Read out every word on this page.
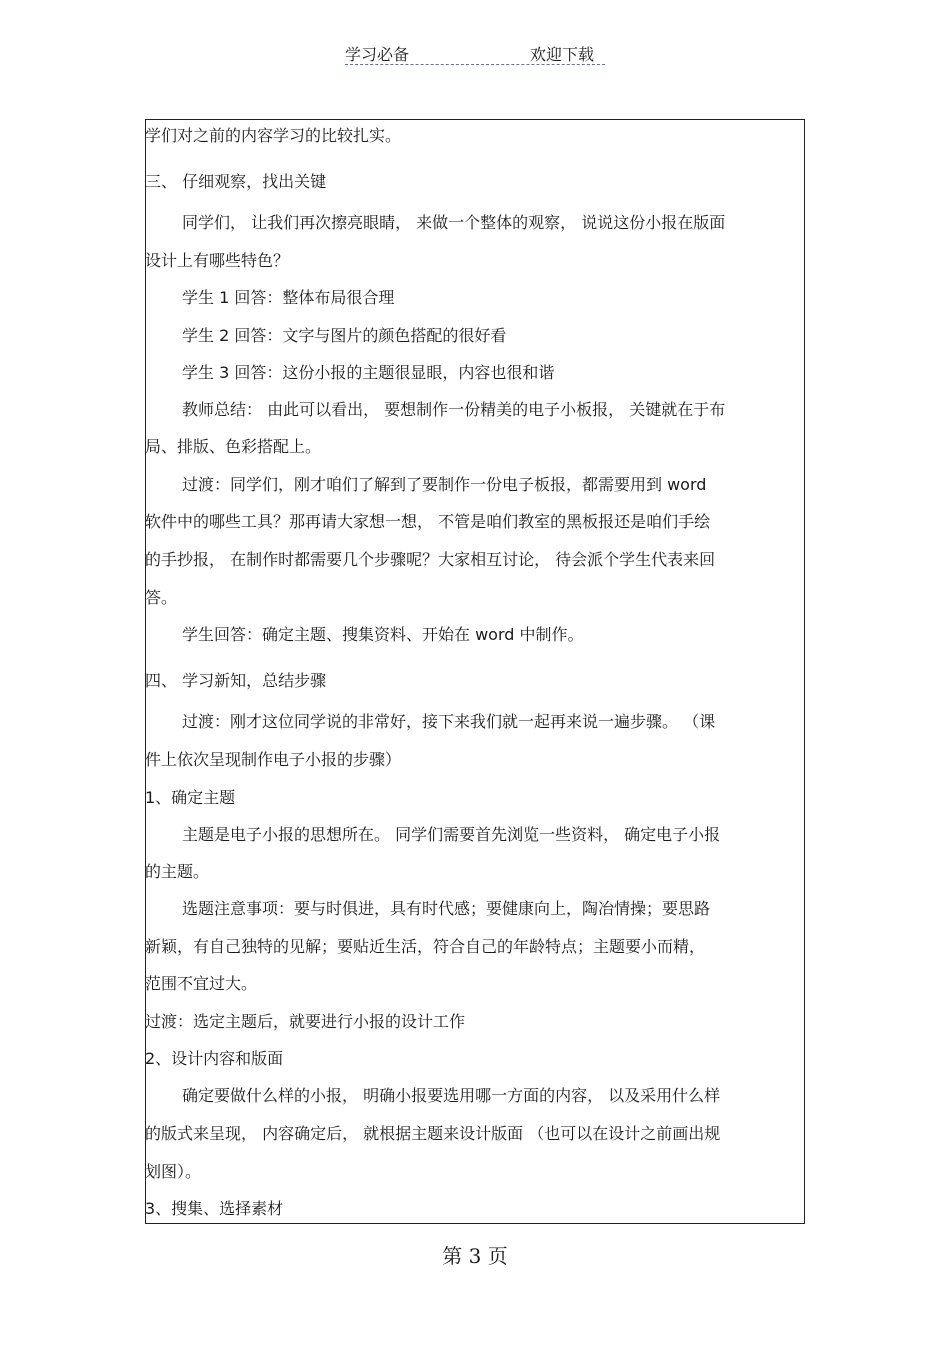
学习必备	欢迎下载
学们对之前的内容学习的比较扎实。
三、 仔细观察，找出关键
同学们， 让我们再次擦亮眼睛， 来做一个整体的观察， 说说这份小报在版面
设计上有哪些特色？
学生 1 回答：整体布局很合理
学生 2 回答：文字与图片的颜色搭配的很好看
学生 3 回答：这份小报的主题很显眼，内容也很和谐
教师总结： 由此可以看出， 要想制作一份精美的电子小板报， 关键就在于布
局、排版、色彩搭配上。
过渡：同学们，刚才咱们了解到了要制作一份电子板报，都需要用到 word
软件中的哪些工具？那再请大家想一想， 不管是咱们教室的黑板报还是咱们手绘
的手抄报， 在制作时都需要几个步骤呢？大家相互讨论， 待会派个学生代表来回
答。
学生回答：确定主题、搜集资料、开始在 word 中制作。
四、 学习新知，总结步骤
过渡：刚才这位同学说的非常好，接下来我们就一起再来说一遍步骤。 （课
件上依次呈现制作电子小报的步骤）
1、确定主题
主题是电子小报的思想所在。 同学们需要首先浏览一些资料， 确定电子小报
的主题。
选题注意事项：要与时俱进，具有时代感；要健康向上，陶冶情操；要思路
新颖，有自己独特的见解；要贴近生活，符合自己的年龄特点；主题要小而精，
范围不宜过大。
过渡：选定主题后，就要进行小报的设计工作
2、设计内容和版面
确定要做什么样的小报， 明确小报要选用哪一方面的内容， 以及采用什么样
的版式来呈现， 内容确定后， 就根据主题来设计版面 （也可以在设计之前画出规
划图）。
3、搜集、选择素材
第 3 页
